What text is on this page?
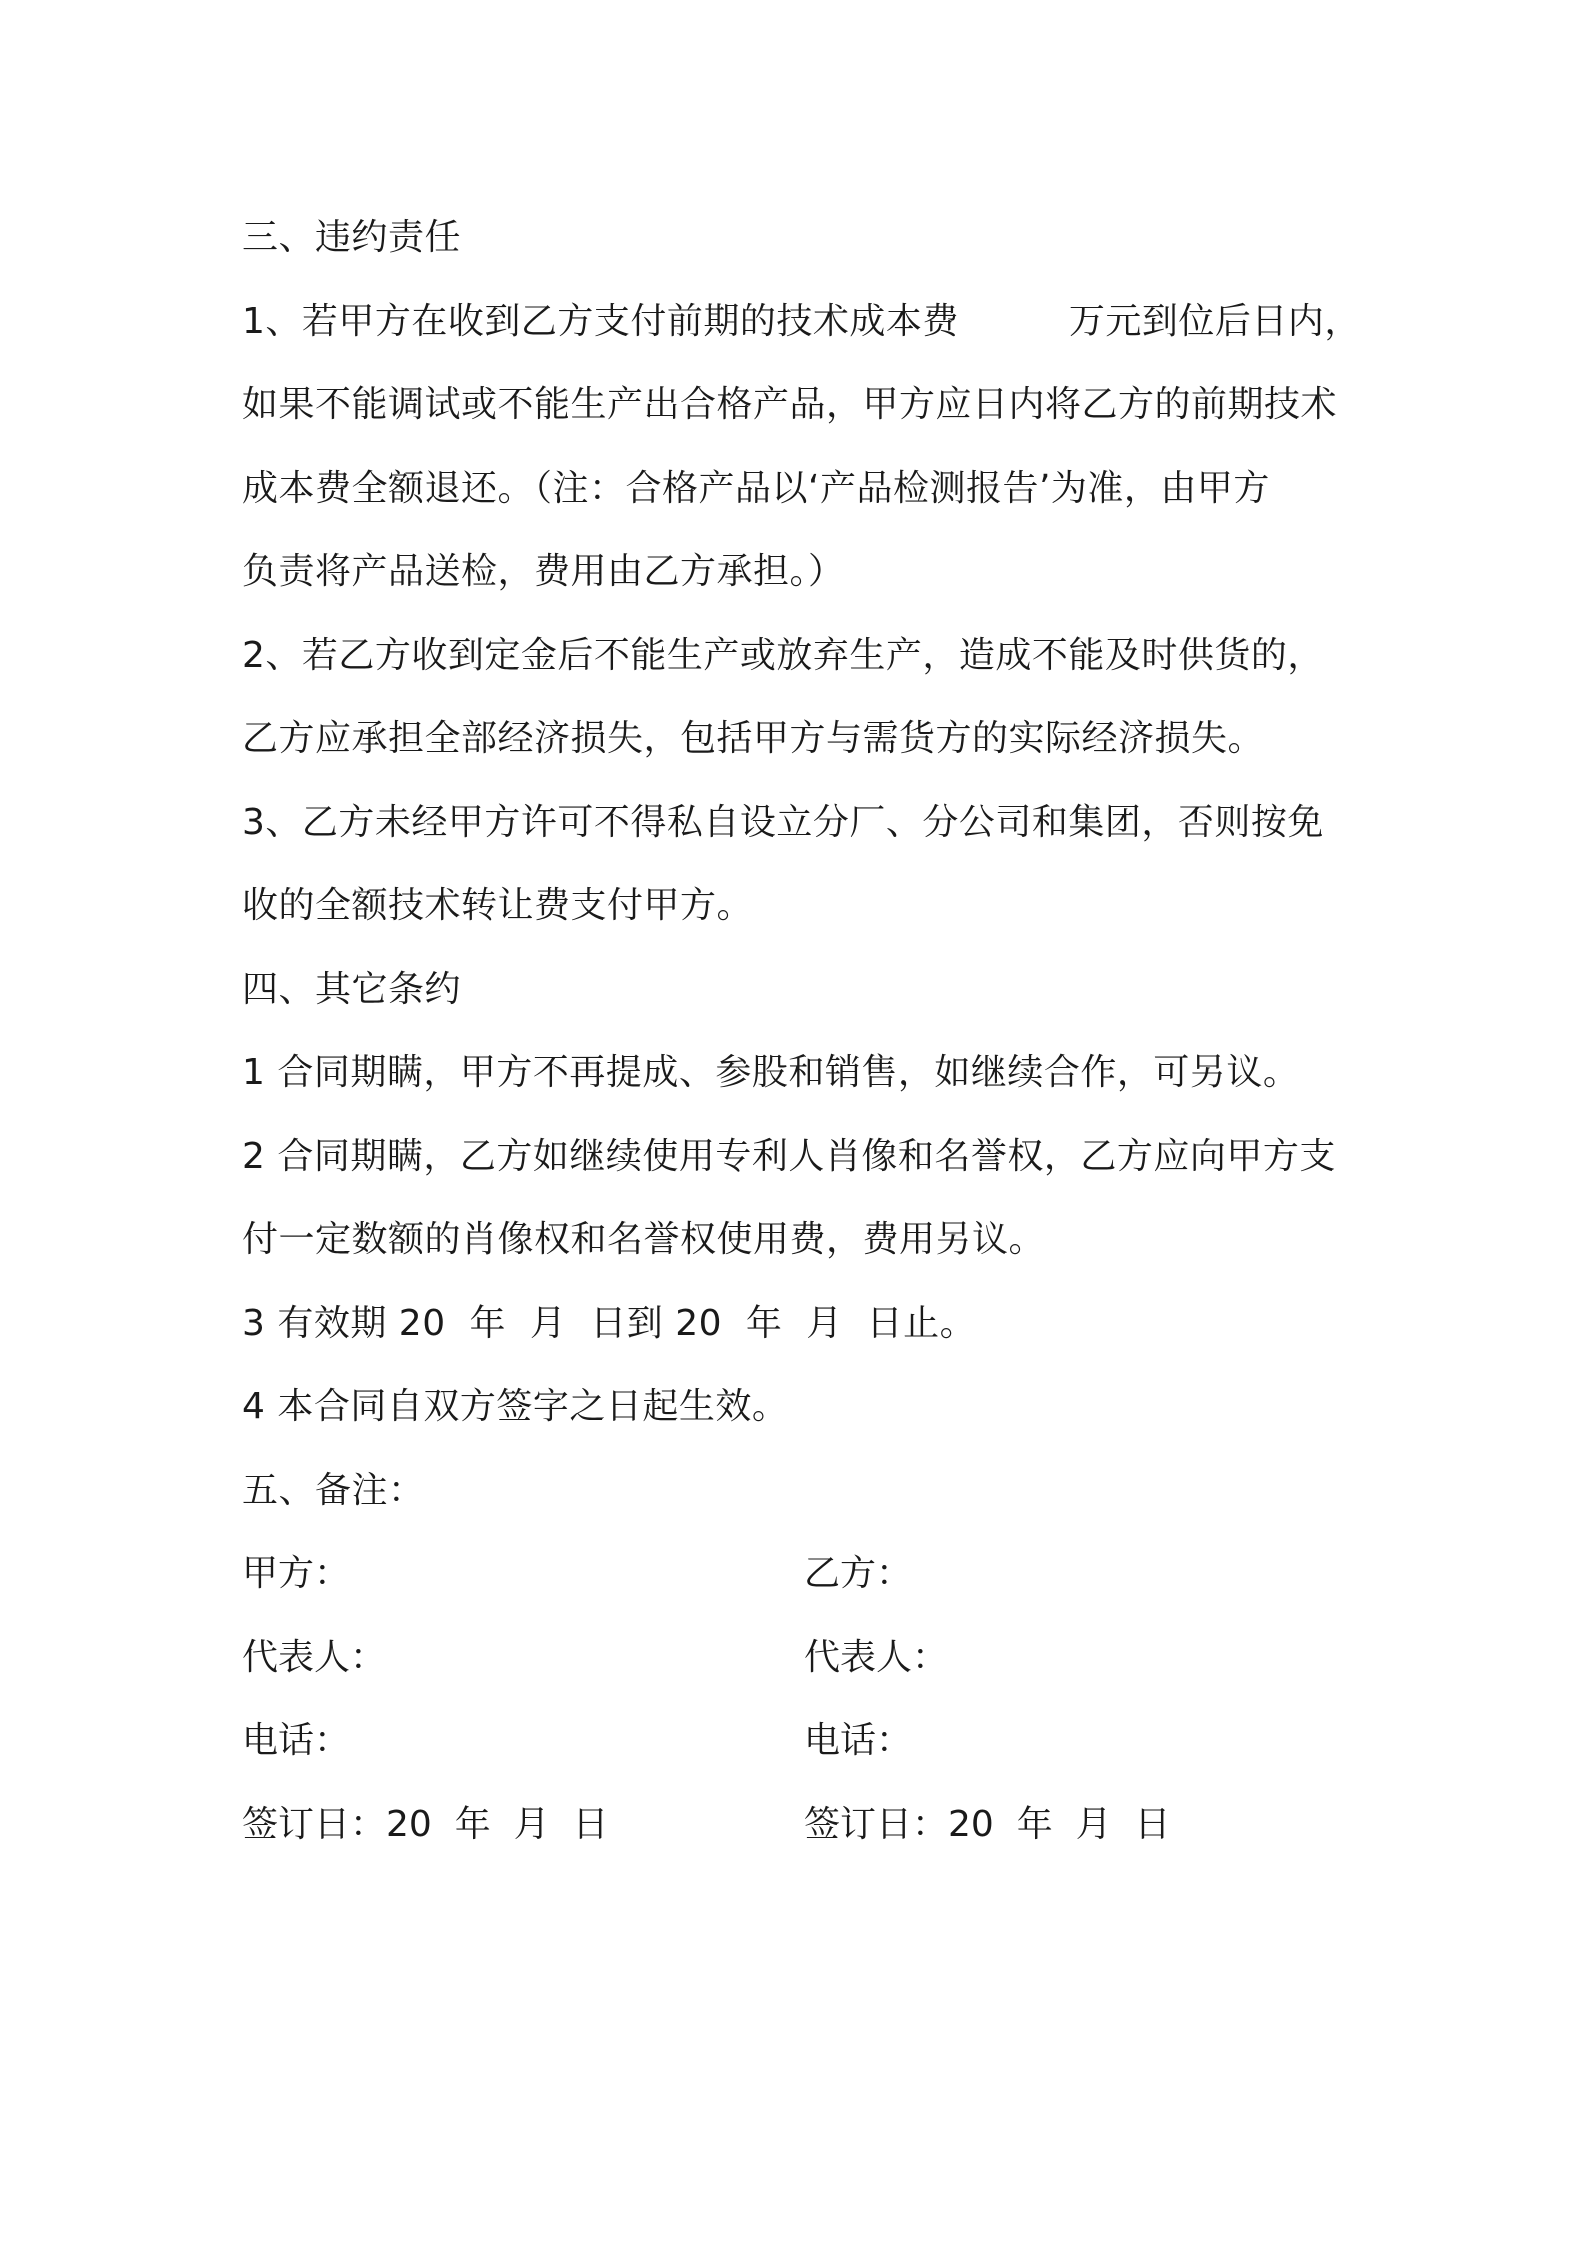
三、违约责任
1、若甲方在收到乙方支付前期的技术成本费	万元到位后日内，
如果不能调试或不能生产出合格产品，甲方应日内将乙方的前期技术
成本费全额退还。（注：合格产品以‘产品检测报告’为准，由甲方
负责将产品送检，费用由乙方承担。）
2、若乙方收到定金后不能生产或放弃生产，造成不能及时供货的，
乙方应承担全部经济损失，包括甲方与需货方的实际经济损失。
3、乙方未经甲方许可不得私自设立分厂、分公司和集团，否则按免
收的全额技术转让费支付甲方。
四、其它条约
1 合同期瞒，甲方不再提成、参股和销售，如继续合作，可另议。
2 合同期瞒，乙方如继续使用专利人肖像和名誉权，乙方应向甲方支
付一定数额的肖像权和名誉权使用费，费用另议。
3 有效期 20  年  月  日到 20  年  月  日止。
4 本合同自双方签字之日起生效。
五、备注：
甲方：	乙方：
代表人：	代表人：
电话：	电话：
签订日：20  年  月  日	签订日：20  年  月  日
